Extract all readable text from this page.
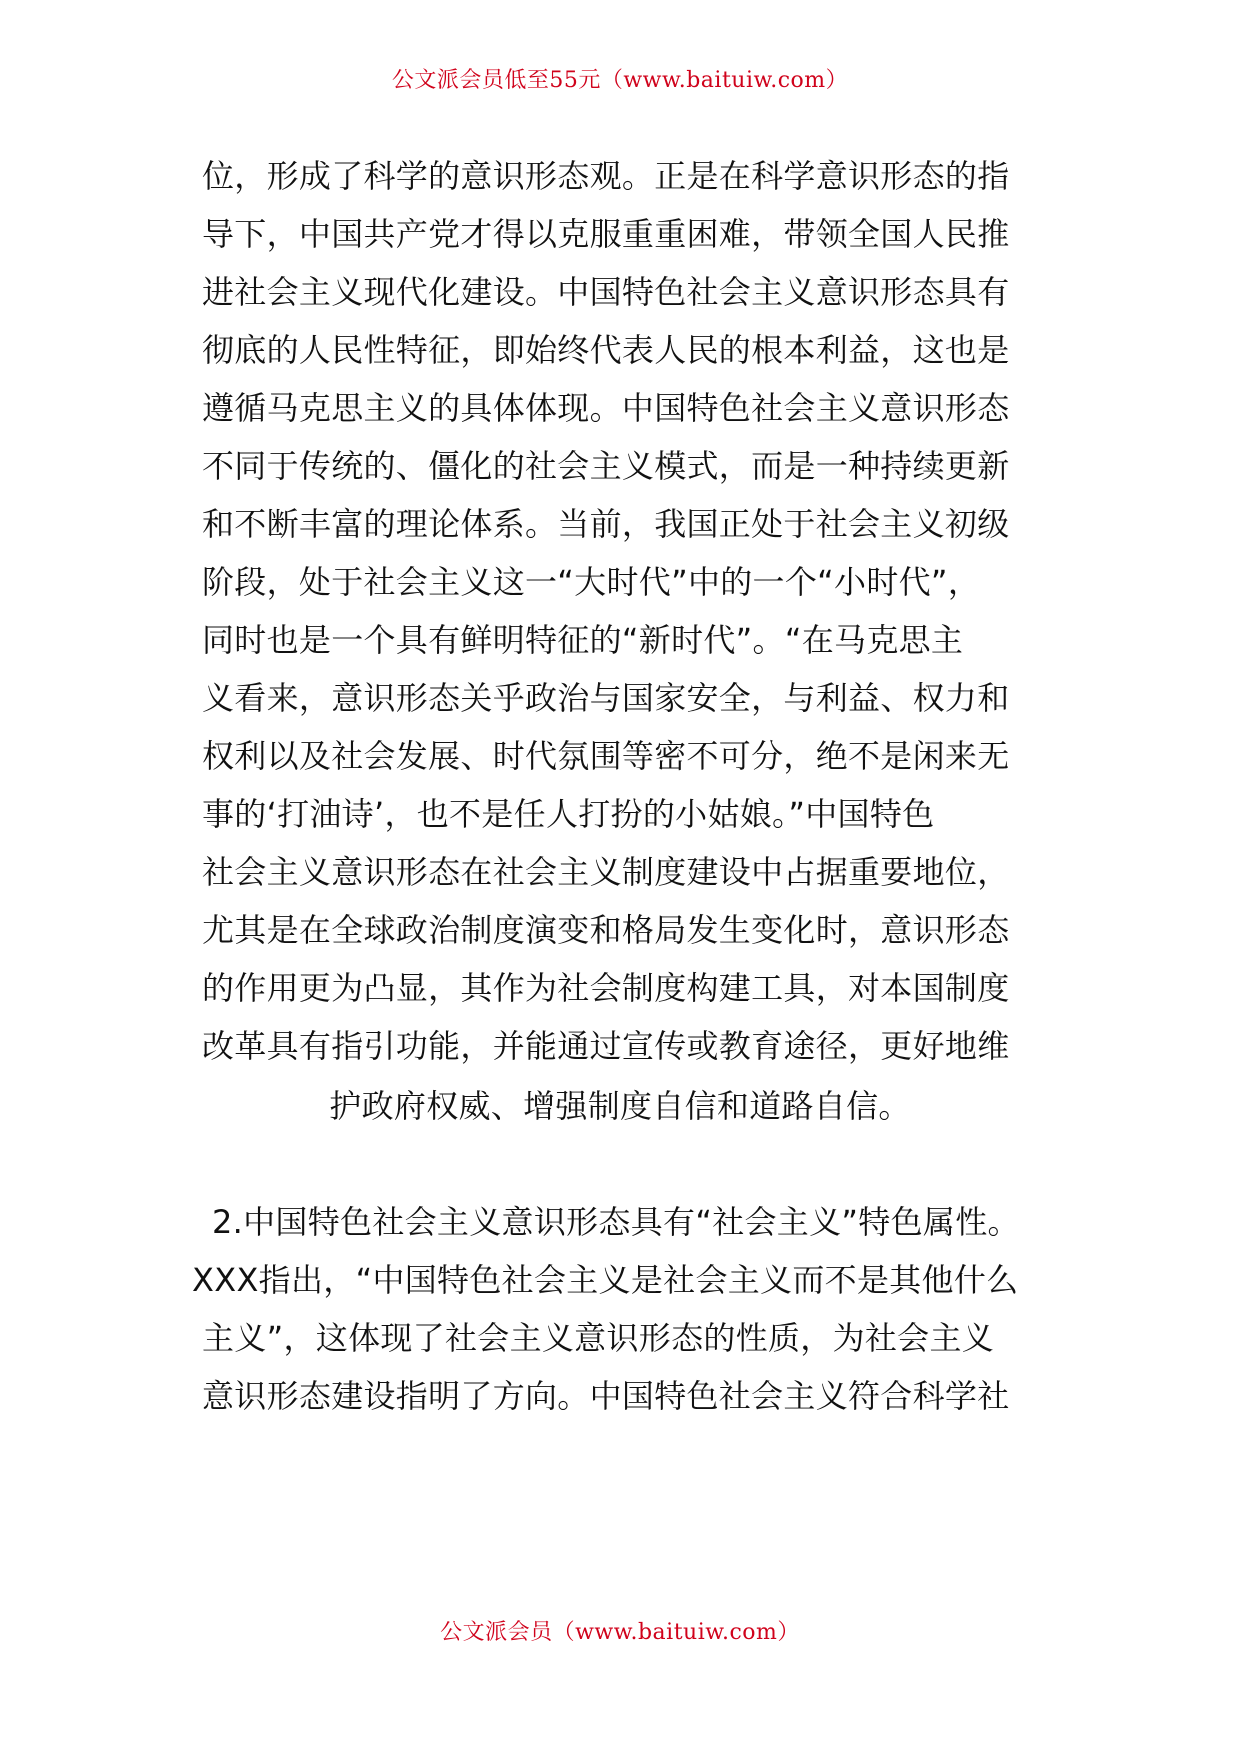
公文派会员低至55元（www.baituiw.com）
位，形成了科学的意识形态观。正是在科学意识形态的指
导下，中国共产党才得以克服重重困难，带领全国人民推
进社会主义现代化建设。中国特色社会主义意识形态具有
彻底的人民性特征，即始终代表人民的根本利益，这也是
遵循马克思主义的具体体现。中国特色社会主义意识形态
不同于传统的、僵化的社会主义模式，而是一种持续更新
和不断丰富的理论体系。当前，我国正处于社会主义初级
阶段，处于社会主义这一“大时代”中的一个“小时代”，
同时也是一个具有鲜明特征的“新时代”。“在马克思主
义看来，意识形态关乎政治与国家安全，与利益、权力和
权利以及社会发展、时代氛围等密不可分，绝不是闲来无
事的‘打油诗’，也不是任人打扮的小姑娘。”中国特色
社会主义意识形态在社会主义制度建设中占据重要地位，
尤其是在全球政治制度演变和格局发生变化时，意识形态
的作用更为凸显，其作为社会制度构建工具，对本国制度
改革具有指引功能，并能通过宣传或教育途径，更好地维
护政府权威、增强制度自信和道路自信。
2.中国特色社会主义意识形态具有“社会主义”特色属性。
XXX指出，“中国特色社会主义是社会主义而不是其他什么
主义”，这体现了社会主义意识形态的性质，为社会主义
意识形态建设指明了方向。中国特色社会主义符合科学社
公文派会员（www.baituiw.com）
